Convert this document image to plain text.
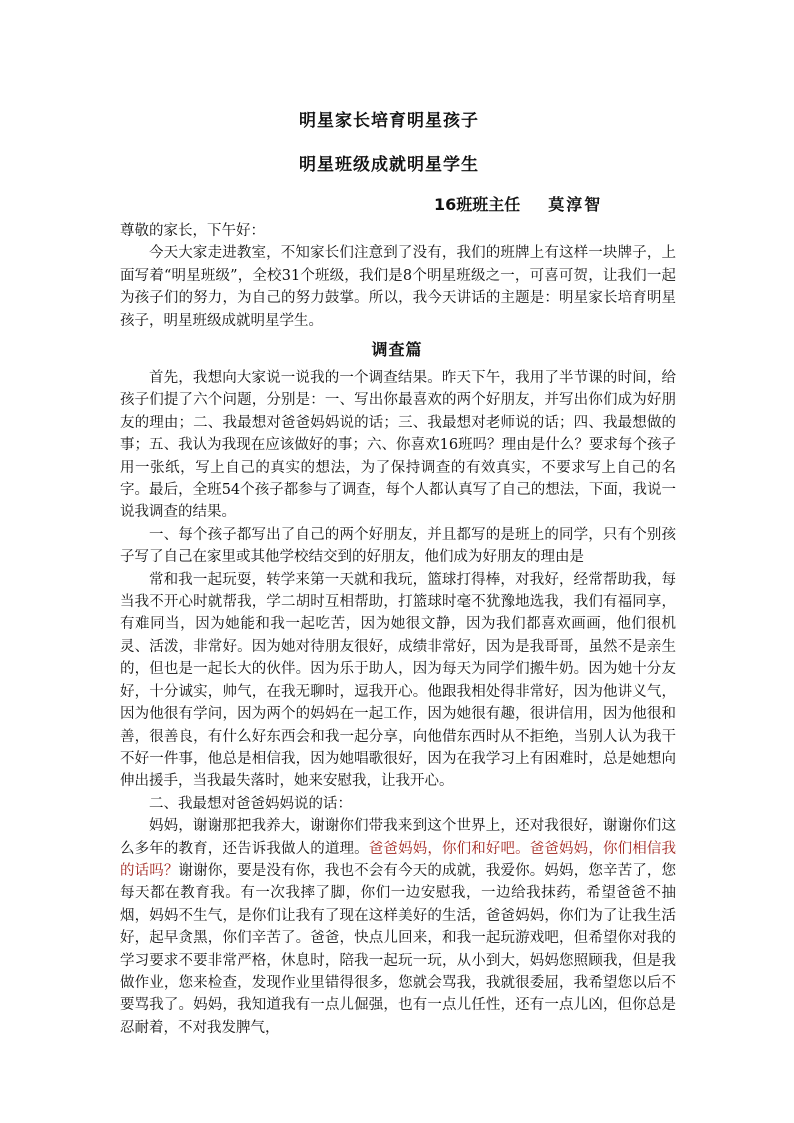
明星家长培育明星孩子
明星班级成就明星学生
16班班主任 莫淳智

尊敬的家长，下午好：

今天大家走进教室，不知家长们注意到了没有，我们的班牌上有这样一块牌子，上面写着“明星班级”，全校31个班级，我们是8个明星班级之一，可喜可贺，让我们一起为孩子们的努力，为自己的努力鼓掌。所以，我今天讲话的主题是：明星家长培育明星孩子，明星班级成就明星学生。

调查篇

首先，我想向大家说一说我的一个调查结果。昨天下午，我用了半节课的时间，给孩子们提了六个问题，分别是：一、写出你最喜欢的两个好朋友，并写出你们成为好朋友的理由；二、我最想对爸爸妈妈说的话；三、我最想对老师说的话；四、我最想做的事；五、我认为我现在应该做好的事；六、你喜欢16班吗？理由是什么？要求每个孩子用一张纸，写上自己的真实的想法，为了保持调查的有效真实，不要求写上自己的名字。最后，全班54个孩子都参与了调查，每个人都认真写了自己的想法，下面，我说一说我调查的结果。

一、每个孩子都写出了自己的两个好朋友，并且都写的是班上的同学，只有个别孩子写了自己在家里或其他学校结交到的好朋友，他们成为好朋友的理由是

常和我一起玩耍，转学来第一天就和我玩，篮球打得棒，对我好，经常帮助我，每当我不开心时就帮我，学二胡时互相帮助，打篮球时毫不犹豫地选我，我们有福同享，有难同当，因为她能和我一起吃苦，因为她很文静，因为我们都喜欢画画，他们很机灵、活泼，非常好。因为她对待朋友很好，成绩非常好，因为是我哥哥，虽然不是亲生的，但也是一起长大的伙伴。因为乐于助人，因为每天为同学们搬牛奶。因为她十分友好，十分诚实，帅气，在我无聊时，逗我开心。他跟我相处得非常好，因为他讲义气，因为他很有学问，因为两个的妈妈在一起工作，因为她很有趣，很讲信用，因为他很和善，很善良，有什么好东西会和我一起分享，向他借东西时从不拒绝，当别人认为我干不好一件事，他总是相信我，因为她唱歌很好，因为在我学习上有困难时，总是她想向伸出援手，当我最失落时，她来安慰我，让我开心。

二、我最想对爸爸妈妈说的话：

妈妈，谢谢那把我养大，谢谢你们带我来到这个世界上，还对我很好，谢谢你们这么多年的教育，还告诉我做人的道理。爸爸妈妈，你们和好吧。爸爸妈妈，你们相信我的话吗？谢谢你，要是没有你，我也不会有今天的成就，我爱你。妈妈，您辛苦了，您每天都在教育我。有一次我摔了脚，你们一边安慰我，一边给我抹药，希望爸爸不抽烟，妈妈不生气，是你们让我有了现在这样美好的生活，爸爸妈妈，你们为了让我生活好，起早贪黑，你们辛苦了。爸爸，快点儿回来，和我一起玩游戏吧，但希望你对我的学习要求不要非常严格，休息时，陪我一起玩一玩，从小到大，妈妈您照顾我，但是我做作业，您来检查，发现作业里错得很多，您就会骂我，我就很委屈，我希望您以后不要骂我了。妈妈，我知道我有一点儿倔强，也有一点儿任性，还有一点儿凶，但你总是忍耐着，不对我发脾气，
